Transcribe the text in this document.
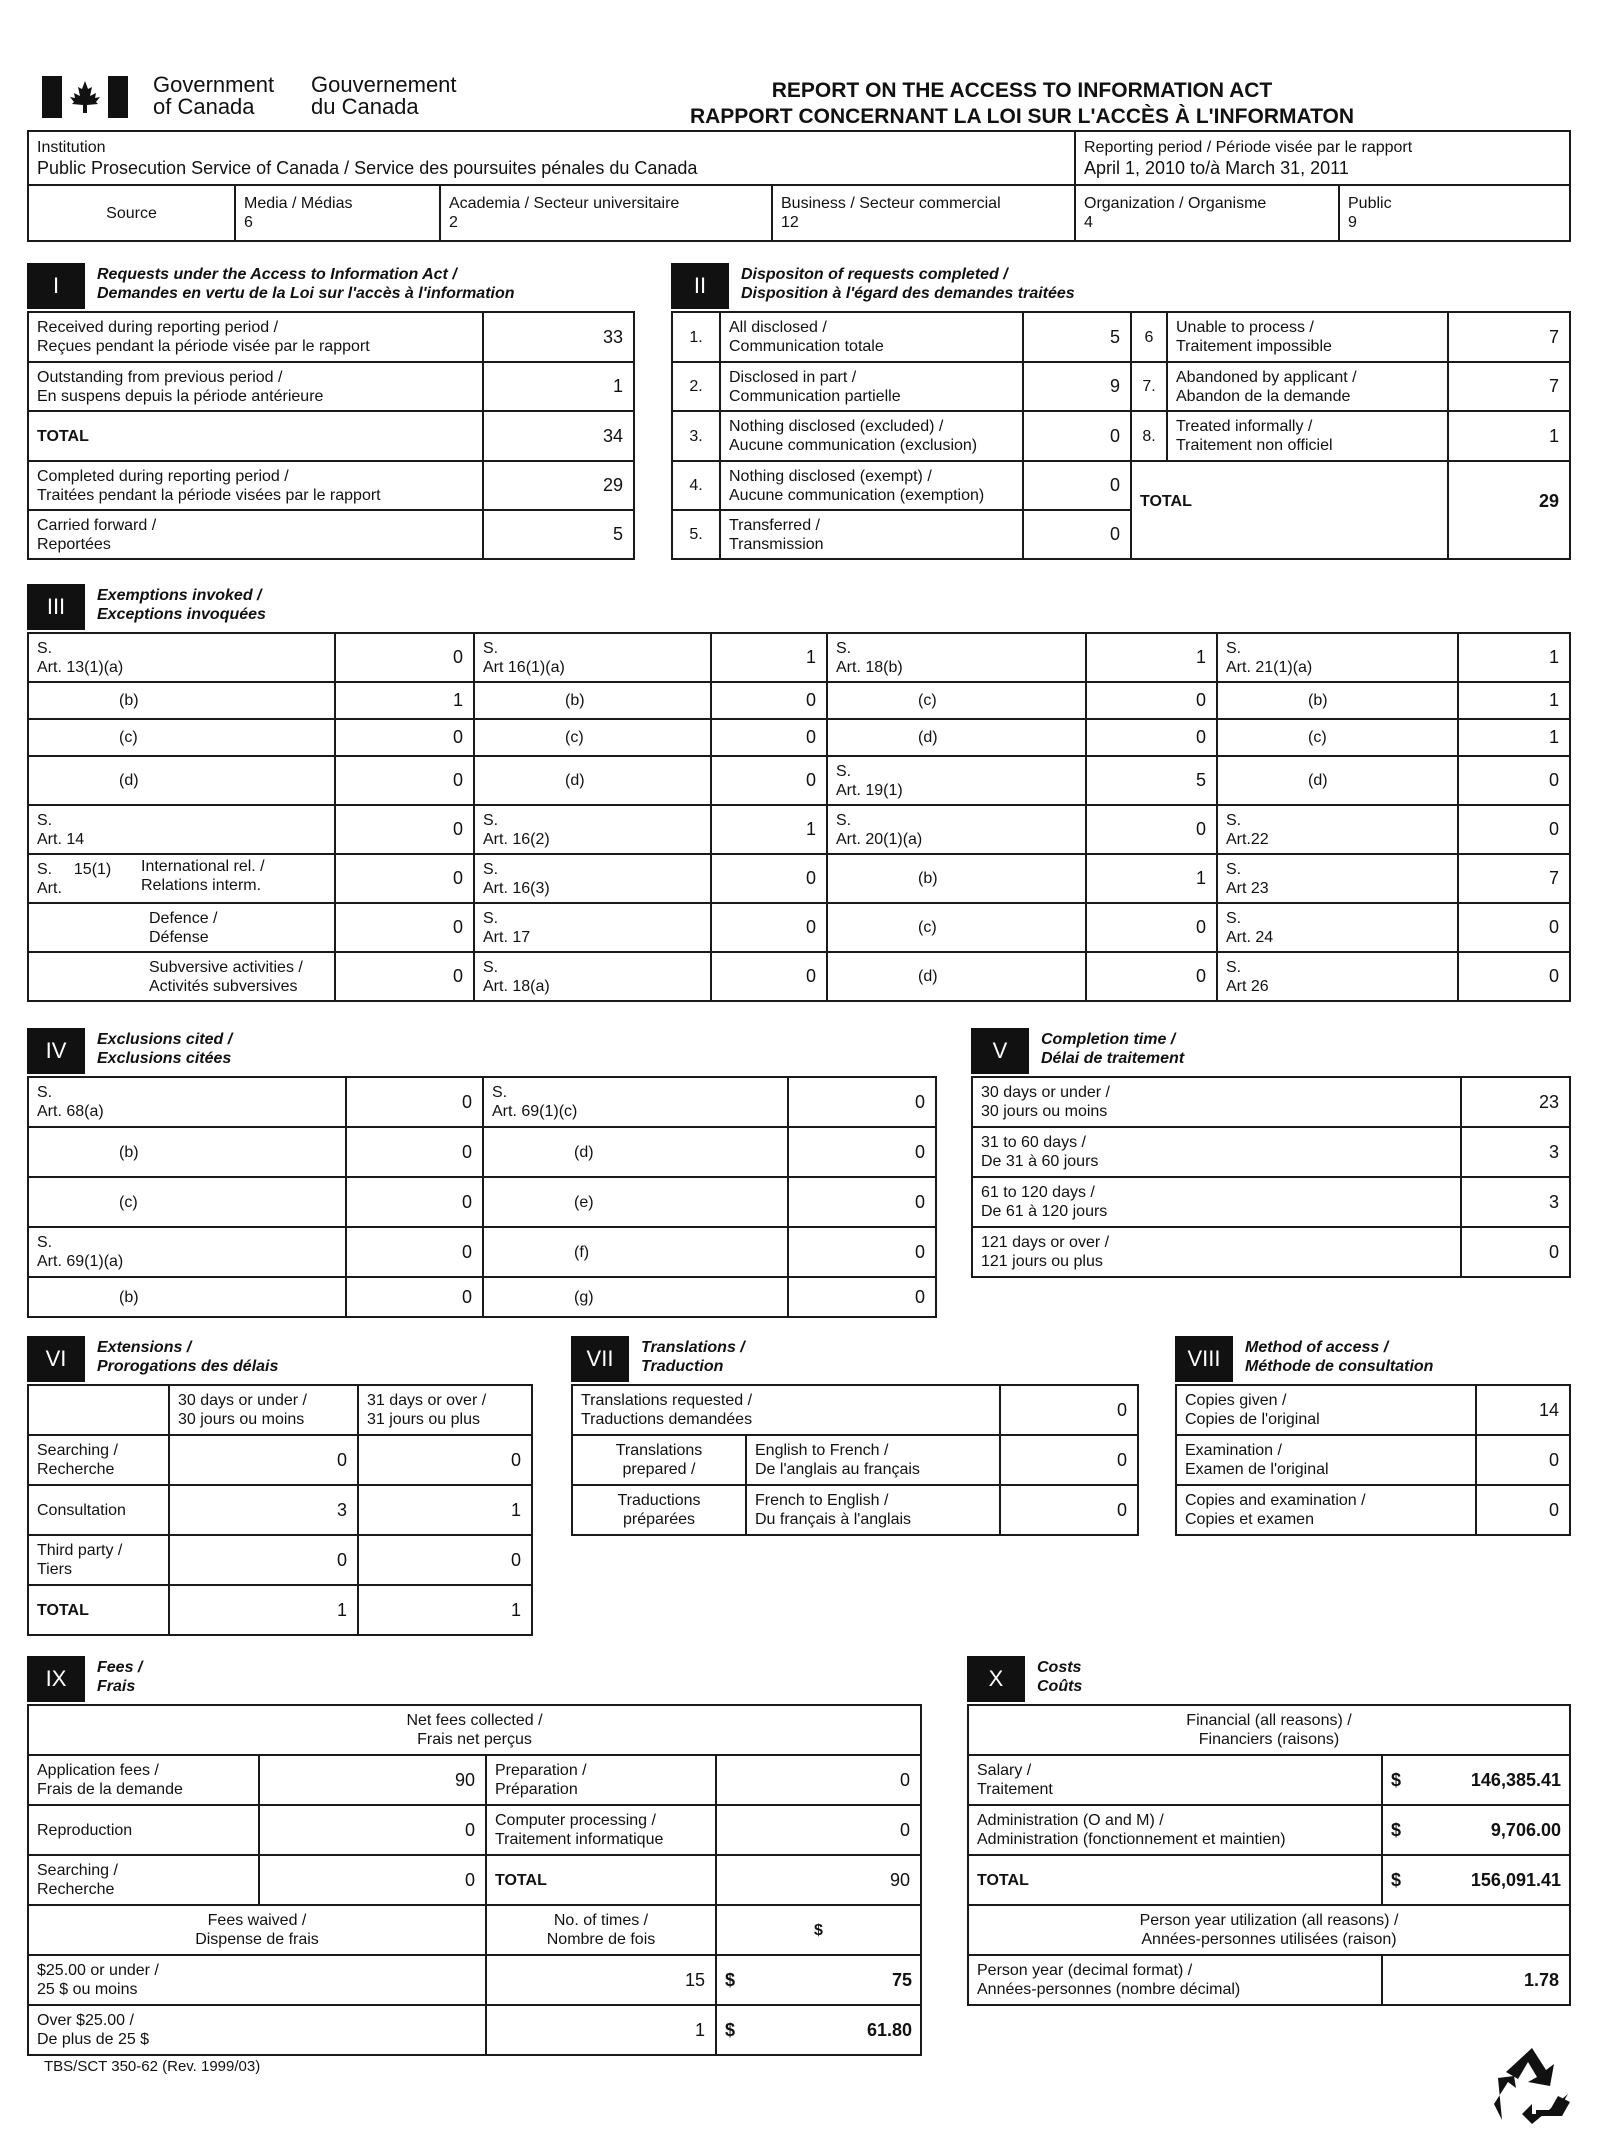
Government
of Canada
Gouvernement
du Canada
REPORT ON THE ACCESS TO INFORMATION ACT
RAPPORT CONCERNANT LA LOI SUR L'ACCÈS À L'INFORMATON
Institution
Public Prosecution Service of Canada / Service des poursuites pénales du Canada

Reporting period / Période visée par le rapport
April 1, 2010 to/à March 31, 2011
Source	
Media / Médias
6

Academia / Secteur universitaire
2

Business / Secteur commercial
12

Organization / Organisme
4

Public
9
I	Requests under the Access to Information Act /
Demandes en vertu de la Loi sur l'accès à l'information
Received during reporting period /
Reçues pendant la période visée par le rapport	33

Outstanding from previous period /
En suspens depuis la période antérieure	1
TOTAL	34

Completed during reporting period /
Traitées pendant la période visées par le rapport	29

Carried forward /
Reportées	5
II	Dispositon of requests completed /
Disposition à l'égard des demandes traitées
1.	All disclosed /
Communication totale	5	6	Unable to process /
Traitement impossible	7
2.	Disclosed in part /
Communication partielle	9	7.	Abandoned by applicant /
Abandon de la demande	7
3.	Nothing disclosed (excluded) /
Aucune communication (exclusion)	0	8.	Treated informally /
Traitement non officiel	1
4.	Nothing disclosed (exempt) /
Aucune communication (exemption)	0	TOTAL		29
5.	Transferred /
Transmission	0			
III	Exemptions invoked /
Exceptions invoquées
S.
Art. 13(1)(a)	0	S.
Art 16(1)(a)	1	S.
Art. 18(b)	1	S.
Art. 21(1)(a)	1
(b)	1	(b)	0	(c)	0	(b)	1
(c)	0	(c)	0	(d)	0	(c)	1
(d)	0	(d)	0	S.
Art. 19(1)	5	(d)	0

S.
Art. 14	0	S.
Art. 16(2)	1	S.
Art. 20(1)(a)	0	S.
Art.22	0

S.
Art.15(1) International rel. /
Relations interm.	0	S.
Art. 16(3)	0	(b)	1	S.
Art 23	7

Defence /
Défense	0	S.
Art. 17	0	(c)	0	S.
Art. 24	0

Subversive activities /
Activités subversives	0	S.
Art. 18(a)	0	(d)	0	S.
Art 26	0
IV	Exclusions cited /
Exclusions citées
S.
Art. 68(a)	0	S.
Art. 69(1)(c)	0
(b)	0	(d)	0
(c)	0	(e)	0

S.
Art. 69(1)(a)	0	(f)	0
(b)	0	(g)	0
V	Completion time /
Délai de traitement
30 days or under /
30 jours ou moins	23

31 to 60 days /
De 31 à 60 jours	3

61 to 120 days /
De 61 à 120 jours	3

121 days or over /
121 jours ou plus	0
VI	Extensions /
Prorogations des délais

	30 days or under /
30 jours ou moins	31 days or over /
31 jours ou plus

Searching /
Recherche	0	0
Consultation	3	1

Third party /
Tiers	0	0
TOTAL	1	1
VII	Translations /
Traduction
Translations requested /
Traductions demandées		0

Translations
prepared /	English to French /
De l'anglais au français	0

Traductions
préparées	French to English /
Du français à l'anglais	0
VIII	Method of access /
Méthode de consultation
Copies given /
Copies de l'original	14

Examination /
Examen de l'original	0

Copies and examination /
Copies et examen	0
IX	Fees /
Frais
Net fees collected /
Frais net perçus			

Application fees /
Frais de la demande	90	Preparation /
Préparation	0
Reproduction	0	Computer processing /
Traitement informatique	0

Searching /
Recherche	0	TOTAL	90

Fees waived /
Dispense de frais		No. of times /
Nombre de fois	$

$25.00 or under /
25 $ ou moins		15	$ 75

Over $25.00 /
De plus de 25 $		1	$ 61.80
TBS/SCT 350-62 (Rev. 1999/03)
X	Costs
Coûts
Financial (all reasons) /
Financiers (raisons)	

Salary /
Traitement	$ 146,385.41

Administration (O and M) /
Administration (fonctionnement et maintien)	$ 9,706.00

TOTAL	$ 156,091.41

Person year utilization (all reasons) /
Années-personnes utilisées (raison)	

Person year (decimal format) /
Années-personnes (nombre décimal)	1.78
